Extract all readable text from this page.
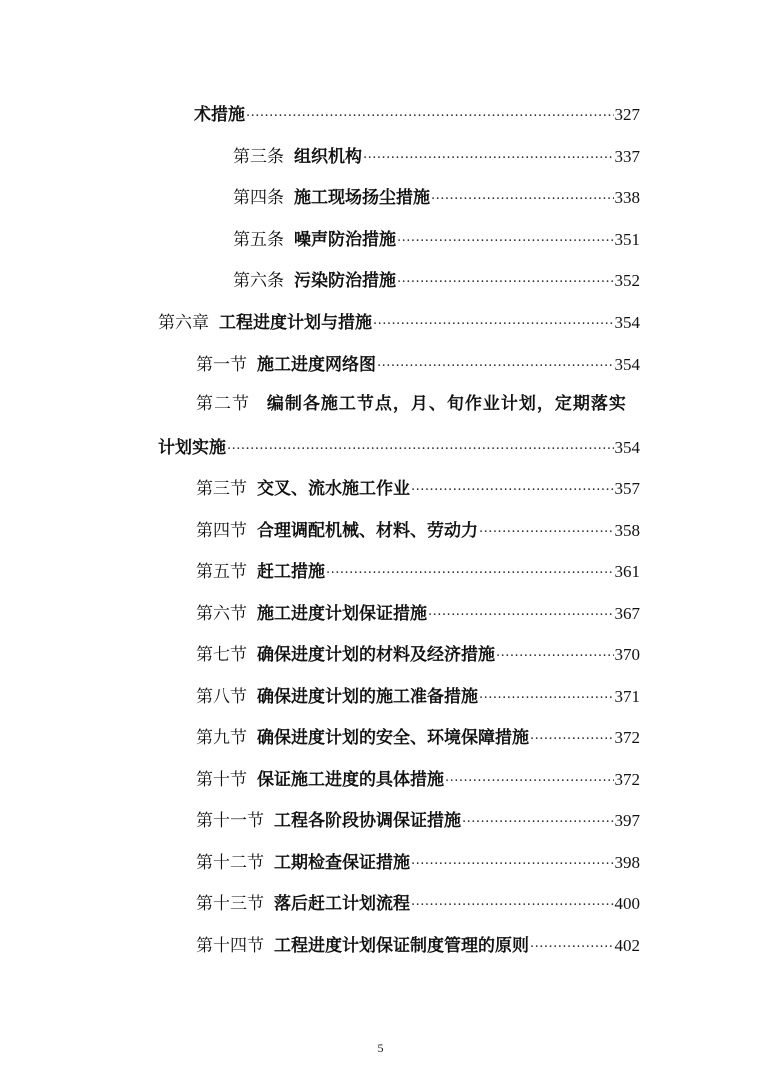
术措施 .....	327
第三条 组织机构 .....	337
第四条 施工现场扬尘措施 .....	338
第五条 噪声防治措施 .....	351
第六条 污染防治措施 .....	352
第六章 工程进度计划与措施 .....	354
第一节 施工进度网络图 .....	354
第二节 编制各施工节点，月、旬作业计划，定期落实
计划实施 .....	354
第三节 交叉、流水施工作业 .....	357
第四节 合理调配机械、材料、劳动力 .....	358
第五节 赶工措施 .....	361
第六节 施工进度计划保证措施 .....	367
第七节 确保进度计划的材料及经济措施 .....	370
第八节 确保进度计划的施工准备措施 .....	371
第九节 确保进度计划的安全、环境保障措施 .....	372
第十节 保证施工进度的具体措施 .....	372
第十一节 工程各阶段协调保证措施 .....	397
第十二节 工期检查保证措施 .....	398
第十三节 落后赶工计划流程 .....	400
第十四节 工程进度计划保证制度管理的原则 .....	402
5
